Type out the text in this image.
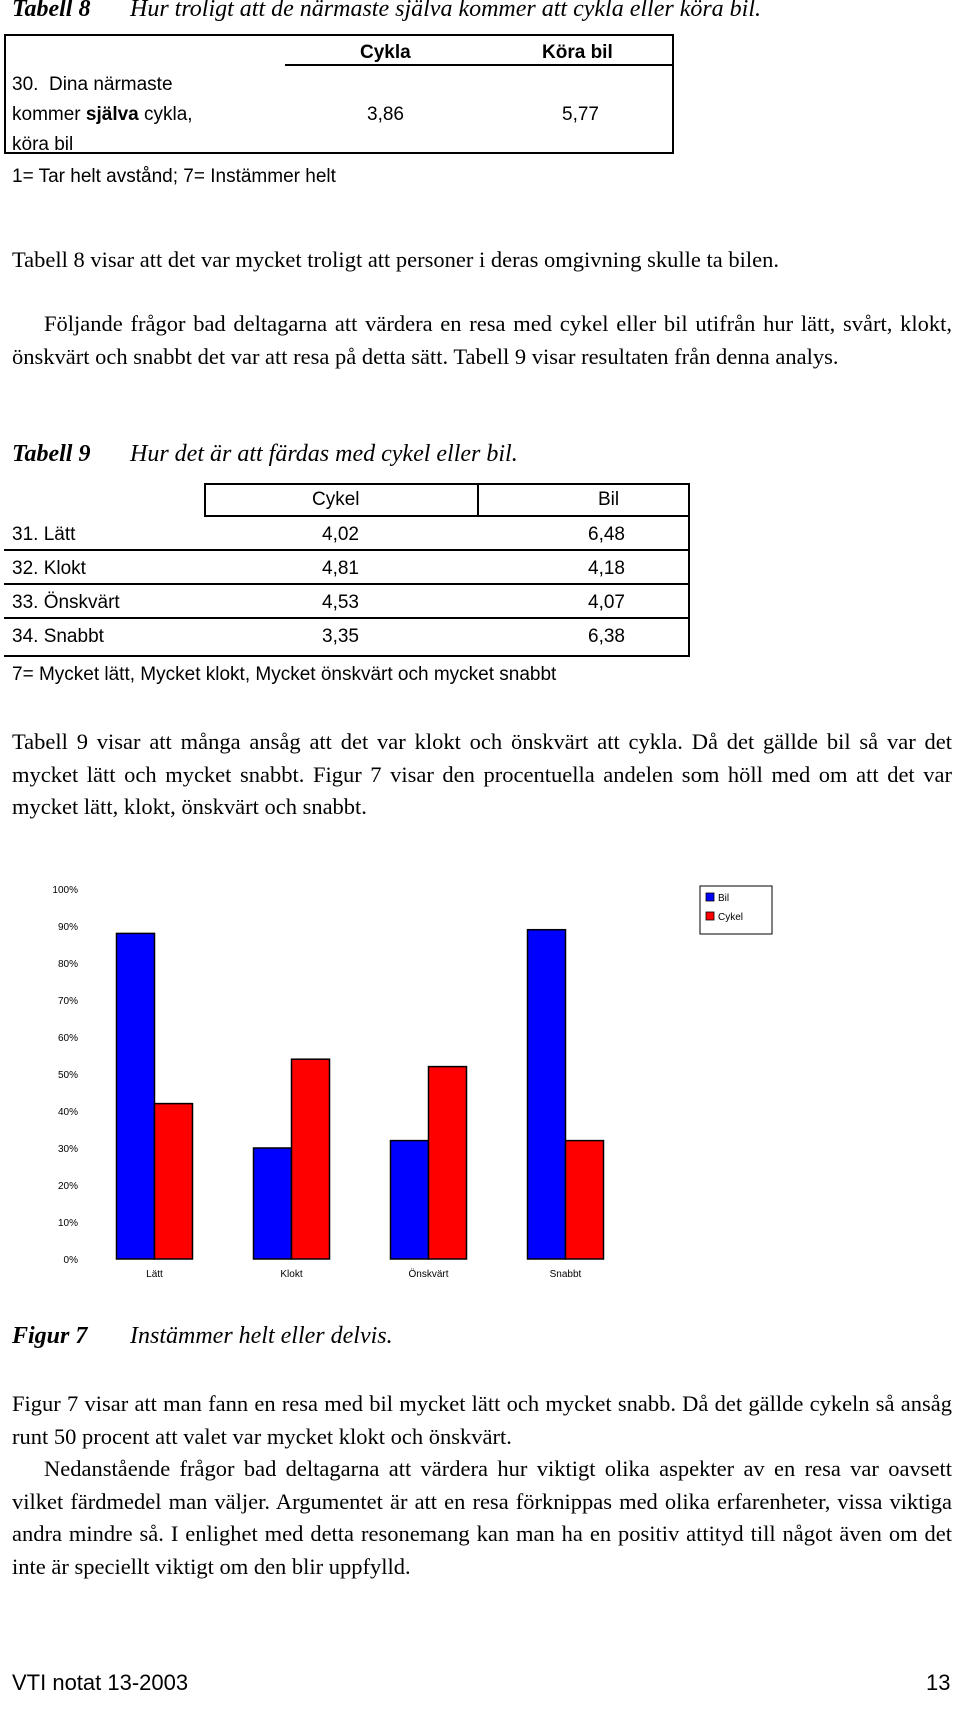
Tabell 8 Hur troligt att de närmaste själva kommer att cykla eller köra bil.
Cykla	Köra bil
30.  Dina närmaste
kommer själva cykla,
köra bil
3,86	5,77
1= Tar helt avstånd; 7= Instämmer helt
Tabell 8 visar att det var mycket troligt att personer i deras omgivning skulle ta bilen.
Följande frågor bad deltagarna att värdera en resa med cykel eller bil utifrån hur lätt, svårt, klokt, önskvärt och snabbt det var att resa på detta sätt. Tabell 9 visar resultaten från denna analys.
Tabell 9 Hur det är att färdas med cykel eller bil.
Cykel	Bil
31. Lätt	4,02	6,48
32. Klokt	4,81	4,18
33. Önskvärt	4,53	4,07
34. Snabbt	3,35	6,38
7= Mycket lätt, Mycket klokt, Mycket önskvärt och mycket snabbt
Tabell 9 visar att många ansåg att det var klokt och önskvärt att cykla. Då det gällde bil så var det mycket lätt och mycket snabbt. Figur 7 visar den procentuella andelen som höll med om att det var mycket lätt, klokt, önskvärt och snabbt.
0%
10%
20%
30%
40%
50%
60%
70%
80%
90%
100%
Lätt	Klokt	Önskvärt	Snabbt
Bil
Cykel
Figur 7 Instämmer helt eller delvis.
Figur 7 visar att man fann en resa med bil mycket lätt och mycket snabb. Då det gällde cykeln så ansåg runt 50 procent att valet var mycket klokt och önskvärt.
Nedanstående frågor bad deltagarna att värdera hur viktigt olika aspekter av en resa var oavsett vilket färdmedel man väljer. Argumentet är att en resa förknippas med olika erfarenheter, vissa viktiga andra mindre så. I enlighet med detta resonemang kan man ha en positiv attityd till något även om det inte är speciellt viktigt om den blir uppfylld.
VTI notat 13-2003	13
